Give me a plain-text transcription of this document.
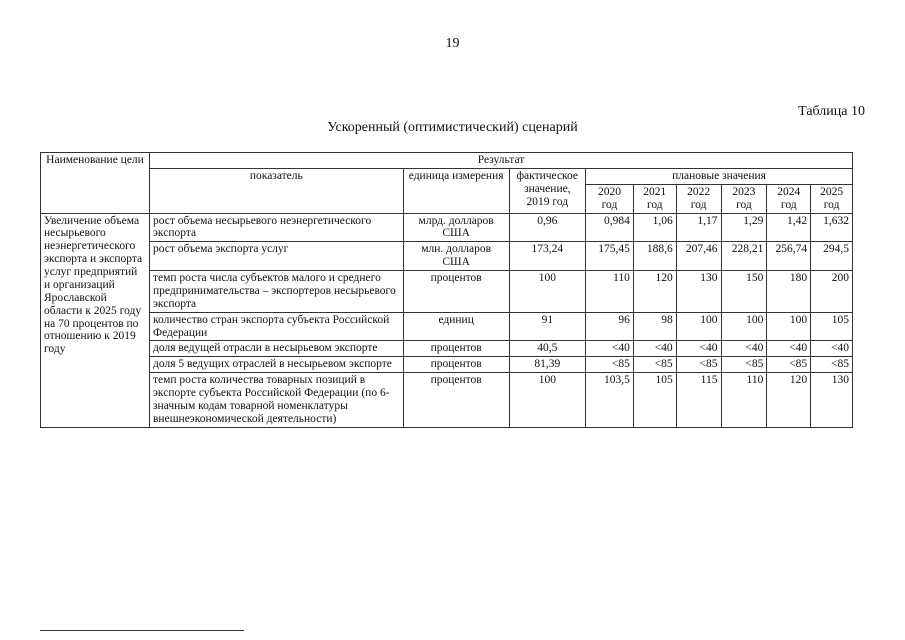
19
Таблица 10
Ускоренный (оптимистический) сценарий
Наименование цели	Результат								
	показатель	единица измерения	фактическое значение, 2019 год	плановые значения					
				2020 год	2021 год	2022 год	2023 год	2024 год	2025 год
Увеличение объема несырьевого неэнергетического экспорта и экспорта услуг предприятий и организаций Ярославской области к 2025 году на 70 процентов по отношению к 2019 году	рост объема несырьевого неэнергетического экспорта	млрд. долларов США	0,96	0,984	1,06	1,17	1,29	1,42	1,632
	рост объема экспорта услуг	млн. долларов США	173,24	175,45	188,6	207,46	228,21	256,74	294,5
	темп роста числа субъектов малого и среднего предпринимательства – экспортеров несырьевого экспорта	процентов	100	110	120	130	150	180	200
	количество стран экспорта субъекта Российской Федерации	единиц	91	96	98	100	100	100	105
	доля ведущей отрасли в несырьевом экспорте	процентов	40,5	<40	<40	<40	<40	<40	<40
	доля 5 ведущих отраслей в несырьевом экспорте	процентов	81,39	<85	<85	<85	<85	<85	<85
	темп роста количества товарных позиций в экспорте субъекта Российской Федерации (по 6-значным кодам товарной номенклатуры внешнеэкономической деятельности)	процентов	100	103,5	105	115	110	120	130
